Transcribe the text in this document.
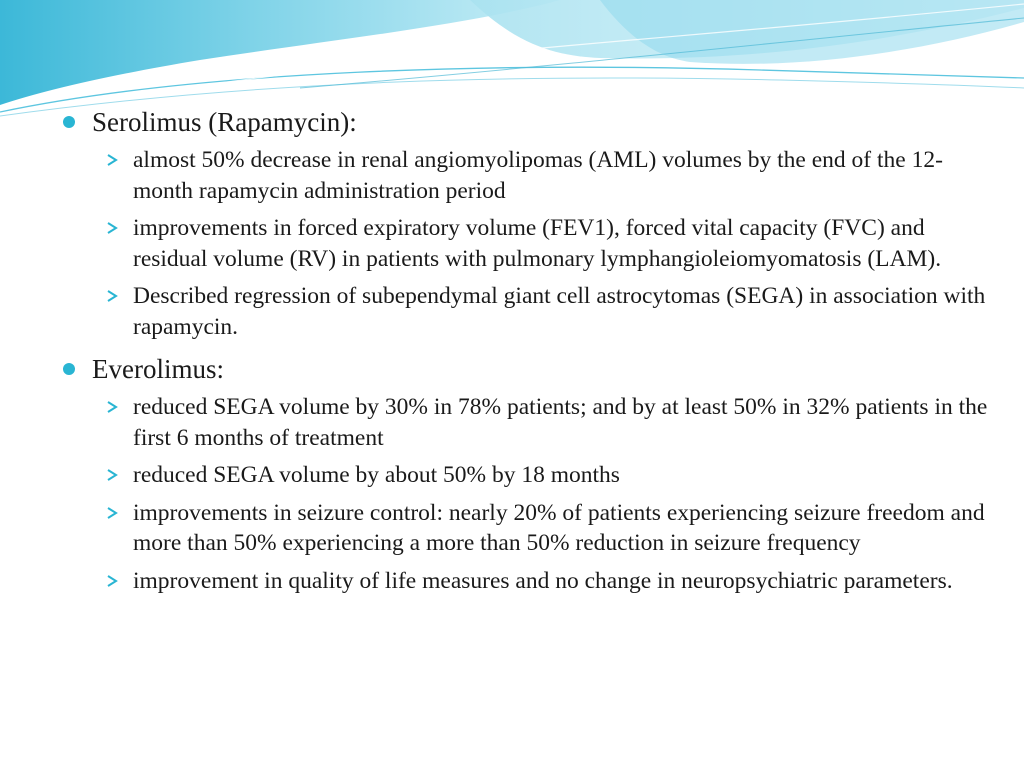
Serolimus (Rapamycin):
almost 50% decrease in renal angiomyolipomas (AML) volumes by the end of the 12-month rapamycin administration period
improvements in forced expiratory volume (FEV1), forced vital capacity (FVC) and residual volume (RV) in patients with pulmonary lymphangioleiomyomatosis (LAM).
Described regression of subependymal giant cell astrocytomas (SEGA) in association with rapamycin.
Everolimus:
reduced SEGA volume by 30% in 78% patients; and by at least 50% in 32% patients in the first 6 months of treatment
reduced SEGA volume by about 50% by 18 months
improvements in seizure control: nearly 20% of patients experiencing seizure freedom and more than 50% experiencing a more than 50% reduction in seizure frequency
improvement in quality of life measures and no change in neuropsychiatric parameters.
